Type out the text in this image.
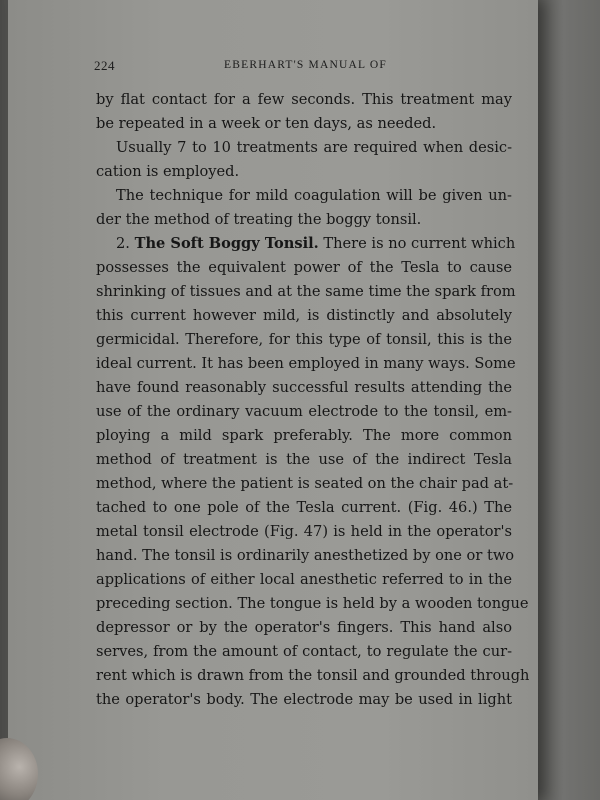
224	EBERHART'S MANUAL OF
by flat contact for a few seconds. This treatment may
be repeated in a week or ten days, as needed.
Usually 7 to 10 treatments are required when desic-
cation is employed.
The technique for mild coagulation will be given un-
der the method of treating the boggy tonsil.
2. The Soft Boggy Tonsil. There is no current which
possesses the equivalent power of the Tesla to cause
shrinking of tissues and at the same time the spark from
this current however mild, is distinctly and absolutely
germicidal. Therefore, for this type of tonsil, this is the
ideal current. It has been employed in many ways. Some
have found reasonably successful results attending the
use of the ordinary vacuum electrode to the tonsil, em-
ploying a mild spark preferably. The more common
method of treatment is the use of the indirect Tesla
method, where the patient is seated on the chair pad at-
tached to one pole of the Tesla current. (Fig. 46.) The
metal tonsil electrode (Fig. 47) is held in the operator's
hand. The tonsil is ordinarily anesthetized by one or two
applications of either local anesthetic referred to in the
preceding section. The tongue is held by a wooden tongue
depressor or by the operator's fingers. This hand also
serves, from the amount of contact, to regulate the cur-
rent which is drawn from the tonsil and grounded through
the operator's body. The electrode may be used in light
